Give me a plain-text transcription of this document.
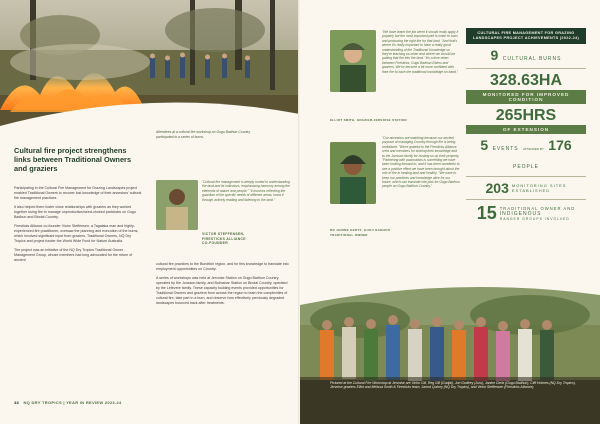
Attendees at a cultural fire workshop on Gugu Badhun Country participated in a series of burns.
Cultural fire project strengthens links between Traditional Owners and graziers

Participating in the Cultural Fire Management for Grazing Landscapes project enabled Traditional Owners to recover lost knowledge of their ancestors' cultural fire management practices.

It also helped them foster close relationships with graziers as they worked together using fire to manage unproductive/weed-choked paddocks on Gugu Badhun and Bindal Country.

Firesticks Alliance co-founder Victor Steffensen, a Tagalaka man and highly-experienced fire practitioner, oversaw the planning and execution of the burns, which involved significant input from graziers, Traditional Owners, NQ Dry Tropics and project funder the World Wide Fund for Nature Australia.

The project was an initiative of the NQ Dry Tropics Traditional Owner Management Group, whose members had long advocated for the return of ancient

"Cultural fire management is deeply rooted in understanding the land and its indicators, emphasising harmony among the elements of nature and people." "It involves reflecting the guardian of the specific needs of different areas, know it through actively reading and listening to the land."
VICTOR STEFFENSEN,
FIRESTICKS ALLIANCE
CO-FOUNDER

cultural fire practices to the Burdekin region, and for this knowledge to translate into employment opportunities on Country.

A series of workshops was held at Jervoise Station on Gugu Badhun Country, operated by the Jonsson family, and Bulmahar Station on Bindal Country, operated by the Lefevere family. These capacity building events provided opportunities for Traditional Owners and graziers from across the region to learn the complexities of cultural fire, take part in a burn, and observe how effectively previously degraded landscapes bounced back after treatments.

38 NQ DRY TROPICS | YEAR IN REVIEW 2023-24
"We have learnt the job when it should really apply it properly but the most important part is when to burn, and producing the right fire for that land. "And that's where it's really important to have a really good understanding of the Traditional Knowledge so they're teaching us when and where we should be putting that fire into the land. "It's a time when between Firesticks, Gugu Badhun Elders and graziers. We've become a lot more confident with their fire to have the traditional knowledge on hand."
ELLIOT SMITH, GRAZIER-JERVOISE STATION
"Our ancestors are watching because our ancient purpose of managing Country through fire is being revitalised. "We're grateful to the Firesticks Alliance crew and members for sharing their knowledge and to the Jonsson family for hosting us on their property. "Partnering with pastoralists is something we have been looking forward to, and it has been wonderful to see a positive effect we have been brought about the role of fire in healing land and healthy. "We have to keep our practices and knowledge alive for our future, which can translate into jobs for Gugu Badhun people on Gugu Badhun Country."
DR JANINE GERTZ, GUGU BADHUN
TRADITIONAL OWNER
CULTURAL FIRE MANAGEMENT FOR GRAZING LANDSCAPES PROJECT ACHIEVEMENTS (2022-24)
9 CULTURAL BURNS
328.63HA
MONITORED FOR IMPROVED CONDITION
265HRS
OF EXTENSION
5 EVENTS ATTENDED BY 176 PEOPLE
203 MONITORING SITES
ESTABLISHED
15 TRADITIONAL OWNER AND
INDIGENOUS
RANGER GROUPS INVOLVED
Pictured at the Cultural Fire Workshop at Jervoise are Victor Gill, Reg Gill (Gudjal), Jori Godfrey (Juru), Janine Gertz (Gugu Badhun), Cliff Holmes (NQ Dry Tropics), Jervoise graziers Elliot and Melissa Smith & Firesticks team, Jarrod Quiney (NQ Dry Tropics), and Victor Steffensen (Firesticks Alliance).
